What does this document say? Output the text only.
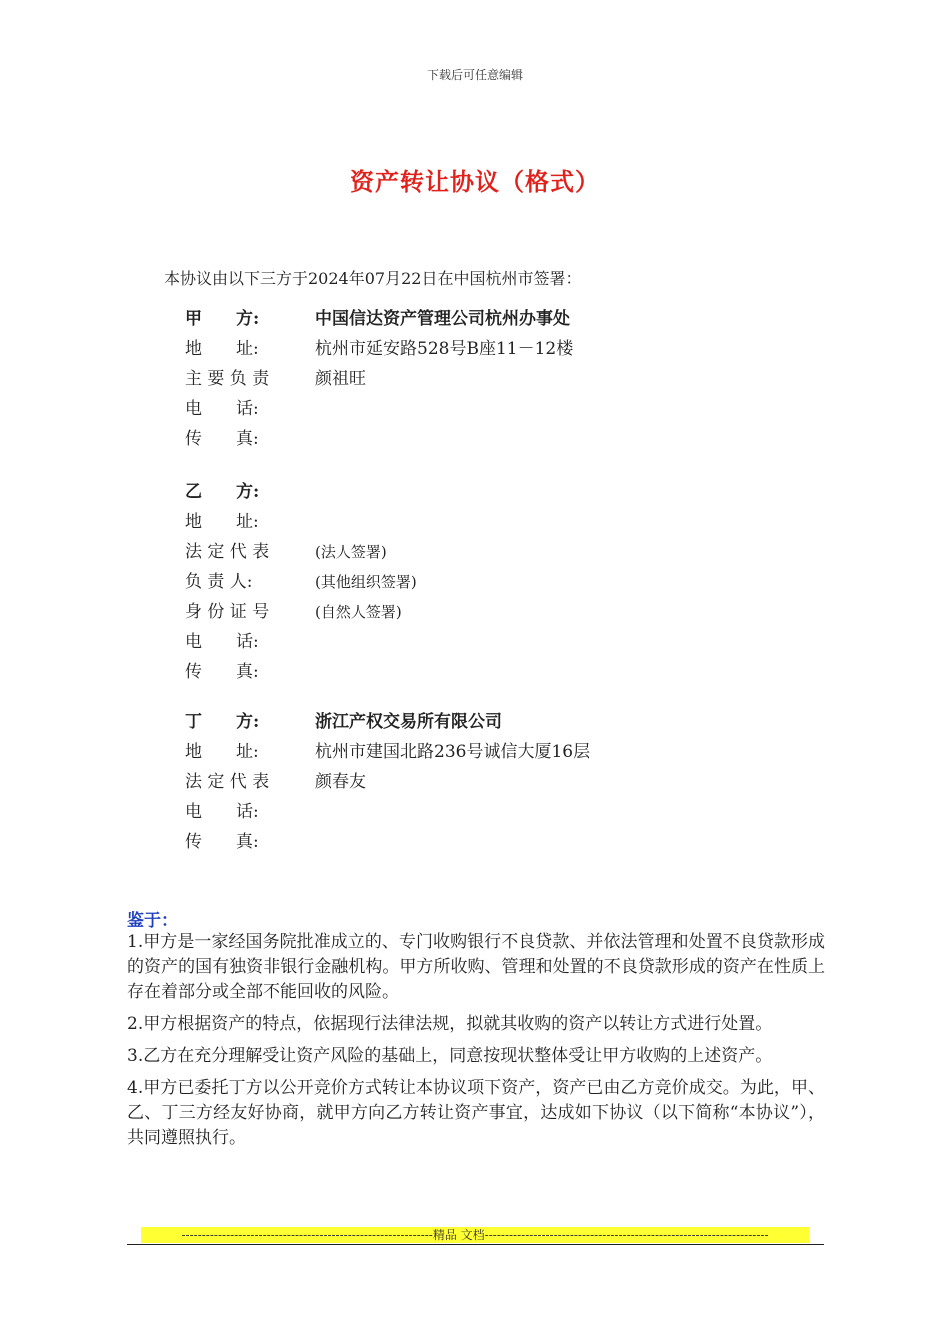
下载后可任意编辑
资产转让协议（格式）
本协议由以下三方于2024年07月22日在中国杭州市签署：
甲　　方:	中国信达资产管理公司杭州办事处
地　　址:	杭州市延安路528号B座11－12楼
主 要 负 责	颜祖旺
电　　话:
传　　真:
乙　　方:
地　　址:
法 定 代 表	(法人签署)
负 责 人:	(其他组织签署)
身 份 证 号	(自然人签署)
电　　话:
传　　真:
丁　　方:	浙江产权交易所有限公司
地　　址:	杭州市建国北路236号诚信大厦16层
法 定 代 表	颜春友
电　　话:
传　　真:
鉴于：

1.甲方是一家经国务院批准成立的、专门收购银行不良贷款、并依法管理和处置不良贷款形成的资产的国有独资非银行金融机构。甲方所收购、管理和处置的不良贷款形成的资产在性质上存在着部分或全部不能回收的风险。

2.甲方根据资产的特点，依据现行法律法规，拟就其收购的资产以转让方式进行处置。

3.乙方在充分理解受让资产风险的基础上，同意按现状整体受让甲方收购的上述资产。

4.甲方已委托丁方以公开竞价方式转让本协议项下资产，资产已由乙方竞价成交。为此，甲、乙、丁三方经友好协商，就甲方向乙方转让资产事宜，达成如下协议（以下简称“本协议”），共同遵照执行。

--------------------------------------------------------------精品 文档----------------------------------------------------------------------
